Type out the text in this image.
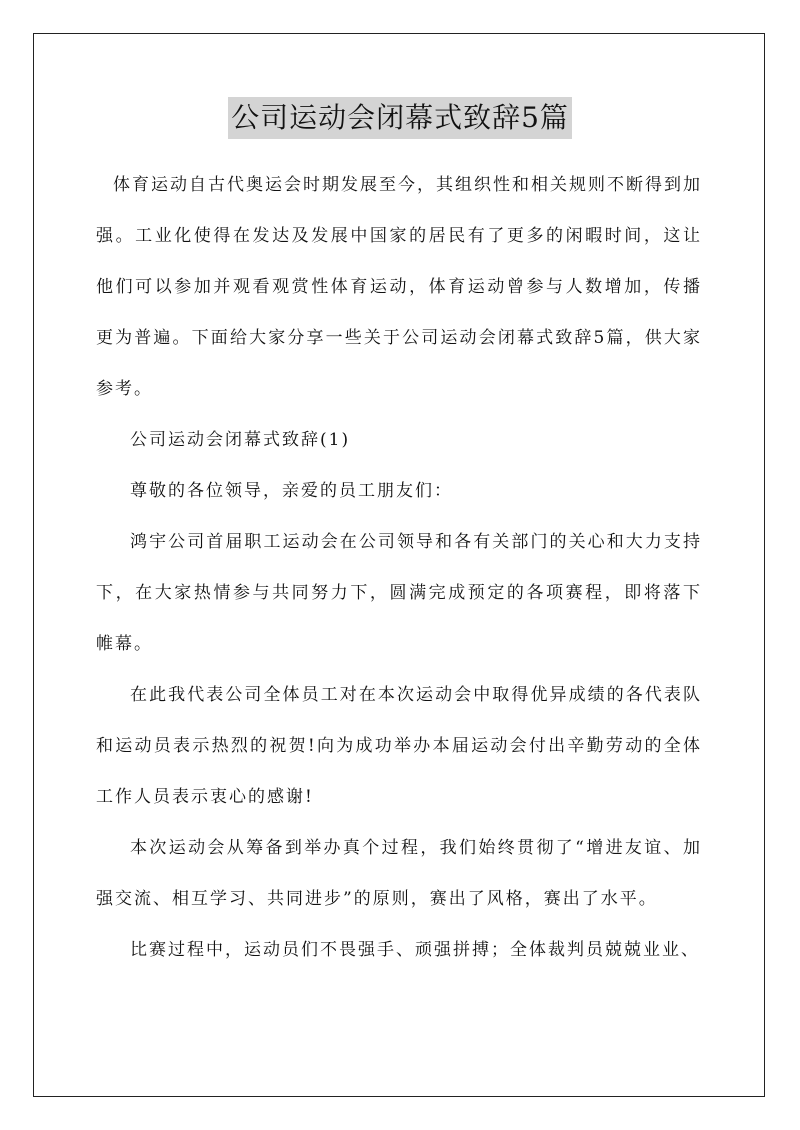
公司运动会闭幕式致辞5篇

体育运动自古代奥运会时期发展至今，其组织性和相关规则不断得到加强。工业化使得在发达及发展中国家的居民有了更多的闲暇时间，这让他们可以参加并观看观赏性体育运动，体育运动曾参与人数增加，传播更为普遍。下面给大家分享一些关于公司运动会闭幕式致辞5篇，供大家参考。

公司运动会闭幕式致辞(1)

尊敬的各位领导，亲爱的员工朋友们：

鸿宇公司首届职工运动会在公司领导和各有关部门的关心和大力支持下，在大家热情参与共同努力下，圆满完成预定的各项赛程，即将落下帷幕。

在此我代表公司全体员工对在本次运动会中取得优异成绩的各代表队和运动员表示热烈的祝贺!向为成功举办本届运动会付出辛勤劳动的全体工作人员表示衷心的感谢!

本次运动会从筹备到举办真个过程，我们始终贯彻了“增进友谊、加强交流、相互学习、共同进步”的原则，赛出了风格，赛出了水平。

比赛过程中，运动员们不畏强手、顽强拼搏；全体裁判员兢兢业业、
